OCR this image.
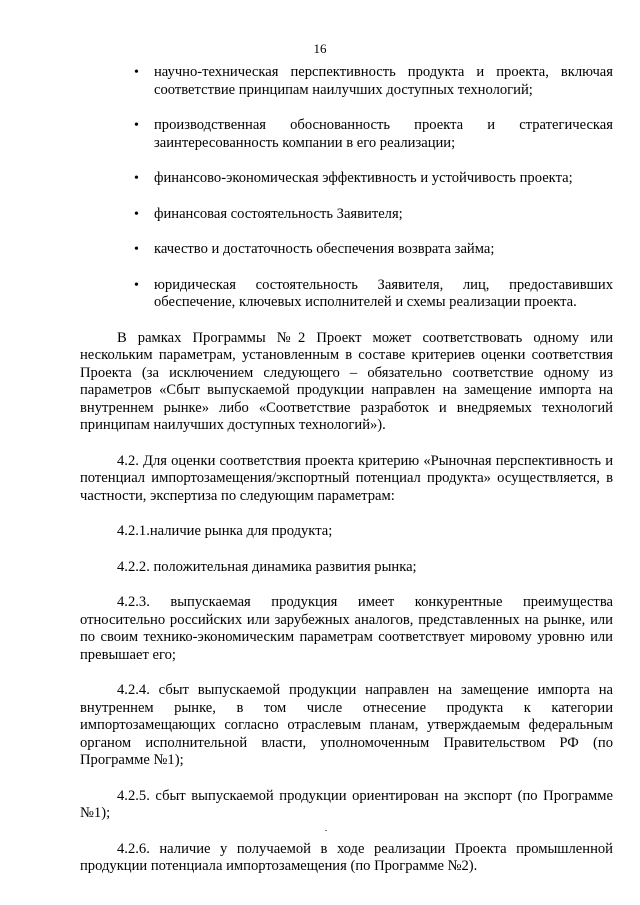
16
• научно-техническая перспективность продукта и проекта, включая соответствие принципам наилучших доступных технологий;
• производственная обоснованность проекта и стратегическая заинтересованность компании в его реализации;
• финансово-экономическая эффективность и устойчивость проекта;
• финансовая состоятельность Заявителя;
• качество и достаточность обеспечения возврата займа;
• юридическая состоятельность Заявителя, лиц, предоставивших обеспечение, ключевых исполнителей и схемы реализации проекта.

В рамках Программы №2 Проект может соответствовать одному или нескольким параметрам, установленным в составе критериев оценки соответствия Проекта (за исключением следующего – обязательно соответствие одному из параметров «Сбыт выпускаемой продукции направлен на замещение импорта на внутреннем рынке» либо «Соответствие разработок и внедряемых технологий принципам наилучших доступных технологий»).

4.2. Для оценки соответствия проекта критерию «Рыночная перспективность и потенциал импортозамещения/экспортный потенциал продукта» осуществляется, в частности, экспертиза по следующим параметрам:

4.2.1.наличие рынка для продукта;

4.2.2. положительная динамика развития рынка;

4.2.3. выпускаемая продукция имеет конкурентные преимущества относительно российских или зарубежных аналогов, представленных на рынке, или по своим технико-экономическим параметрам соответствует мировому уровню или превышает его;

4.2.4. сбыт выпускаемой продукции направлен на замещение импорта на внутреннем рынке, в том числе отнесение продукта к категории импортозамещающих согласно отраслевым планам, утверждаемым федеральным органом исполнительной власти, уполномоченным Правительством РФ (по Программе №1);

4.2.5. сбыт выпускаемой продукции ориентирован на экспорт (по Программе №1);

4.2.6. наличие у получаемой в ходе реализации Проекта промышленной продукции потенциала импортозамещения (по Программе №2).
